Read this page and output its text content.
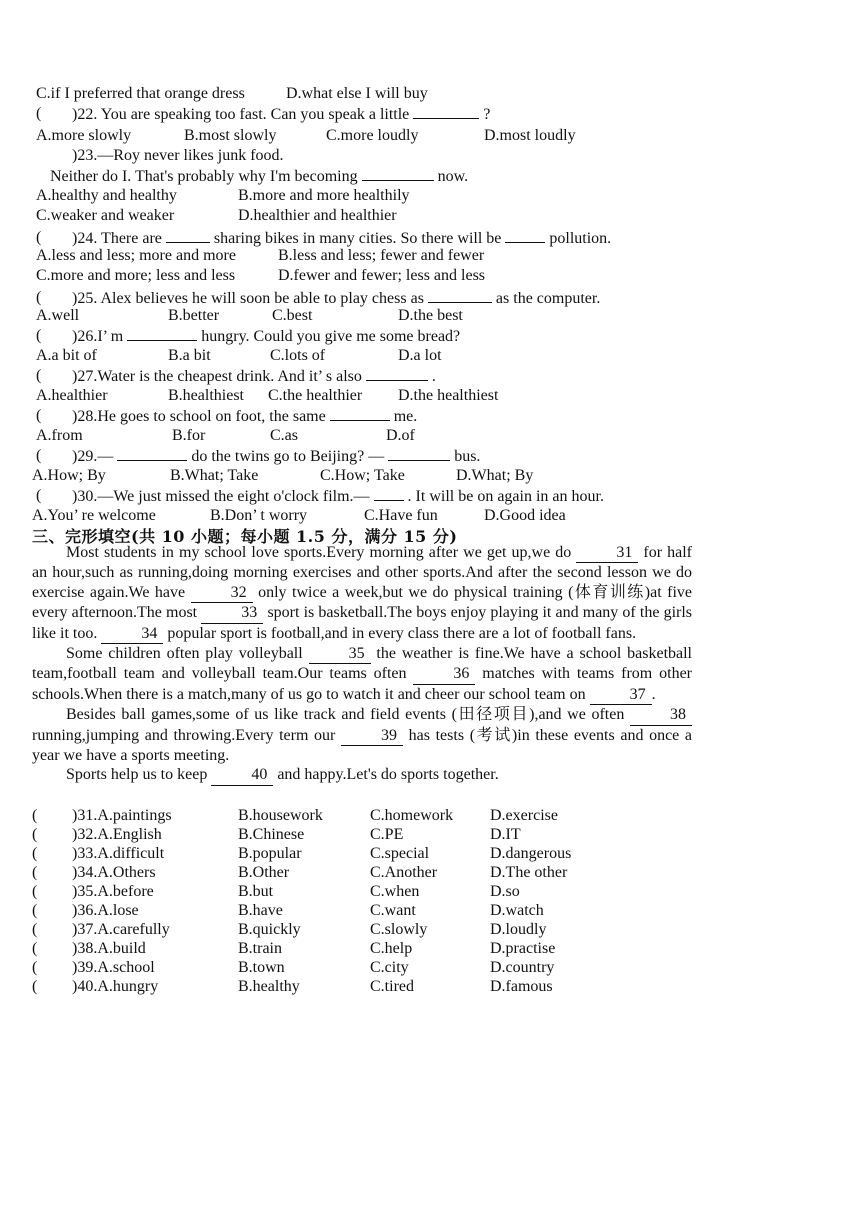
C.if I preferred that orange dress	D.what else I will buy
( )22. You are speaking too fast. Can you speak a little	?
A.more slowly	B.most slowly	C.more loudly	D.most loudly
)23.—Roy never likes junk food.
Neither do I. That's probably why I'm becoming	now.
A.healthy and healthy	B.more and more healthily
C.weaker and weaker	D.healthier and healthier
( )24. There are	sharing bikes in many cities. So there will be	pollution.
A.less and less; more and more	B.less and less; fewer and fewer
C.more and more; less and less	D.fewer and fewer; less and less
( )25. Alex believes he will soon be able to play chess as	as the computer.
A.well	B.better	C.best	D.the best
( )26.I’ m	hungry. Could you give me some bread?
A.a bit of	B.a bit	C.lots of	D.a lot
( )27.Water is the cheapest drink. And it’ s also	.
A.healthier	B.healthiest C.the healthier D.the healthiest
( )28.He goes to school on foot, the same	me.
A.from	B.for	C.as	D.of
( )29.—	do the twins go to Beijing? —	bus.
A.How; By	B.What; Take	C.How; Take	D.What; By
( )30.—We just missed the eight o'clock film.— . It will be on again in an hour.
A.You’ re welcome	B.Don’ t worry	C.Have fun	D.Good idea
三、完形填空(共 10 小题；每小题 1.5 分，满分 15 分)

Most students in my school love sports.Every morning after we get up,we do	31 for half an hour,such as running,doing morning exercises and other sports.And after the second lesson we do exercise again.We have	32 only twice a week,but we do physical training (体育训练)at five every afternoon.The most	33 sport is basketball.The boys enjoy playing it and many of the girls like it too.	34 popular sport is football,and in every class there are a lot of football fans.

Some children often play volleyball	35 the weather is fine.We have a school basketball team,football team and volleyball team.Our teams often	36 matches with teams from other schools.When there is a match,many of us go to watch it and cheer our school team on	37 .

Besides ball games,some of us like track and field events (田径项目),and we often	38 running,jumping and throwing.Every term our	39 has tests (考试)in these events and once a year we have a sports meeting.

Sports help us to keep	40 and happy.Let's do sports together.

( )31.A.paintings	B.housework	C.homework D.exercise
( )32.A.English	B.Chinese	C.PE	D.IT
( )33.A.difficult	B.popular	C.special	D.dangerous
( )34.A.Others	B.Other	C.Another	D.The other
( )35.A.before	B.but	C.when	D.so
( )36.A.lose	B.have	C.want	D.watch
( )37.A.carefully	B.quickly	C.slowly	D.loudly
( )38.A.build	B.train	C.help	D.practise
( )39.A.school	B.town	C.city	D.country
( )40.A.hungry	B.healthy	C.tired	D.famous
